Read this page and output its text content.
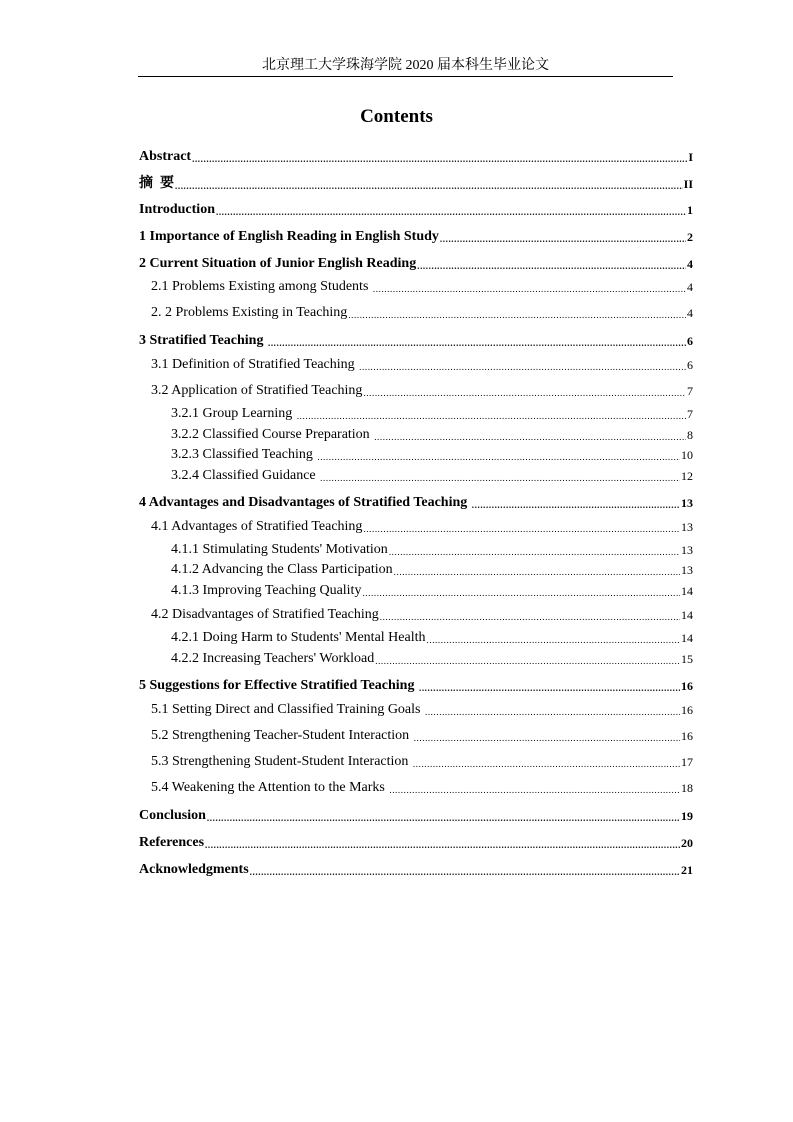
北京理工大学珠海学院 2020 届本科生毕业论文
Contents
Abstract .....	I
摘  要 .....	II
Introduction .....	1
1 Importance of English Reading in English Study .....	2
2 Current Situation of Junior English Reading .....	4
2.1 Problems Existing among Students .....	4
2. 2 Problems Existing in Teaching .....	4
3 Stratified Teaching .....	6
3.1 Definition of Stratified Teaching .....	6
3.2 Application of Stratified Teaching .....	7
3.2.1 Group Learning .....	7
3.2.2 Classified Course Preparation .....	8
3.2.3 Classified Teaching .....	10
3.2.4 Classified Guidance .....	12
4 Advantages and Disadvantages of Stratified Teaching .....	13
4.1 Advantages of Stratified Teaching .....	13
4.1.1 Stimulating Students' Motivation .....	13
4.1.2 Advancing the Class Participation .....	13
4.1.3 Improving Teaching Quality .....	14
4.2 Disadvantages of Stratified Teaching .....	14
4.2.1 Doing Harm to Students' Mental Health .....	14
4.2.2 Increasing Teachers' Workload .....	15
5 Suggestions for Effective Stratified Teaching .....	16
5.1 Setting Direct and Classified Training Goals .....	16
5.2 Strengthening Teacher-Student Interaction .....	16
5.3 Strengthening Student-Student Interaction .....	17
5.4 Weakening the Attention to the Marks .....	18
Conclusion .....	19
References .....	20
Acknowledgments .....	21
